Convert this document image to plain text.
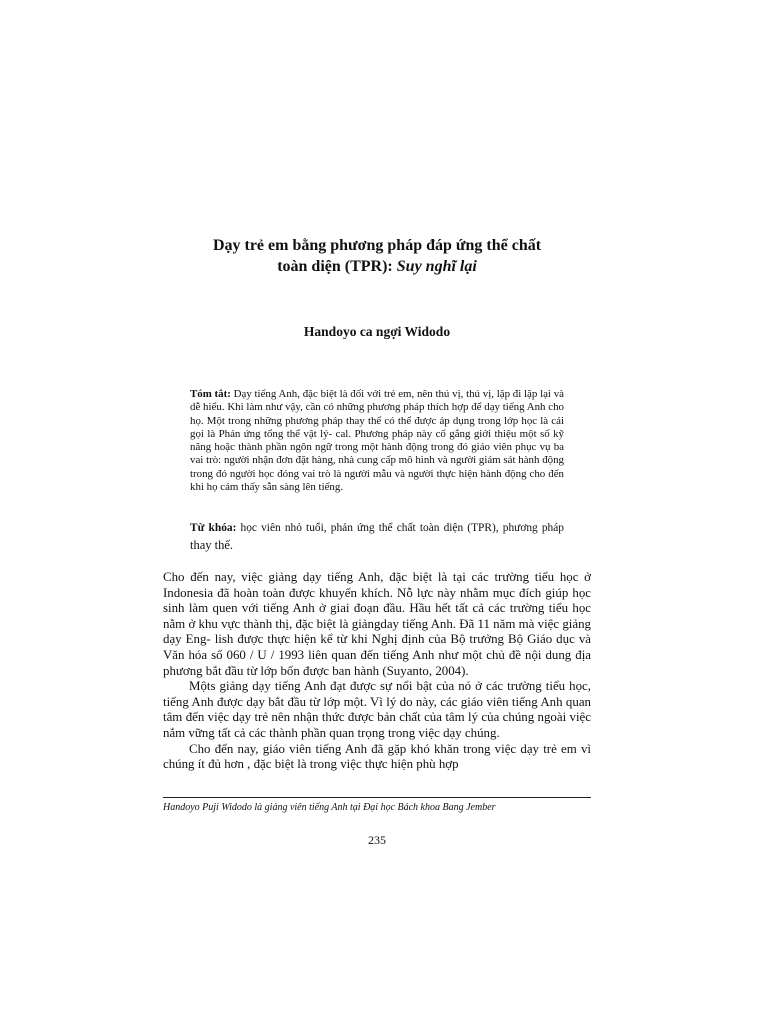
Dạy trẻ em bằng phương pháp đáp ứng thể chất
toàn diện (TPR): Suy nghĩ lại
Handoyo ca ngợi Widodo
Tóm tắt: Dạy tiếng Anh, đặc biệt là đối với trẻ em, nên thú vị, thú vị, lặp đi lặp lại và dễ hiểu. Khi làm như vậy, cần có những phương pháp thích hợp để dạy tiếng Anh cho họ. Một trong những phương pháp thay thế có thể được áp dụng trong lớp học là cái gọi là Phản ứng tổng thể vật lý- cal. Phương pháp này cố gắng giới thiệu một số kỹ năng hoặc thành phần ngôn ngữ trong một hành động trong đó giáo viên phục vụ ba vai trò: người nhận đơn đặt hàng, nhà cung cấp mô hình và người giám sát hành động trong đó người học đóng vai trò là người mẫu và người thực hiện hành động cho đến khi họ cảm thấy sẵn sàng lên tiếng.
Từ khóa: học viên nhỏ tuổi, phản ứng thể chất toàn diện (TPR), phương pháp thay thế.

Cho đến nay, việc giảng dạy tiếng Anh, đặc biệt là tại các trường tiểu học ở Indonesia đã hoàn toàn được khuyến khích. Nỗ lực này nhằm mục đích giúp học sinh làm quen với tiếng Anh ở giai đoạn đầu. Hầu hết tất cả các trường tiểu học nằm ở khu vực thành thị, đặc biệt là giảngday tiếng Anh. Đã 11 năm mà việc giảng dạy Eng- lish được thực hiện kể từ khi Nghị định của Bộ trưởng Bộ Giáo dục và Văn hóa số 060 / U / 1993 liên quan đến tiếng Anh như một chủ đề nội dung địa phương bắt đầu từ lớp bốn được ban hành (Suyanto, 2004).

Mộts giảng dạy tiếng Anh đạt được sự nổi bật của nó ở các trường tiểu học, tiếng Anh được dạy bắt đầu từ lớp một. Vì lý do này, các giáo viên tiếng Anh quan tâm đến việc dạy trẻ nên nhận thức được bản chất của tâm lý của chúng ngoài việc nắm vững tất cả các thành phần quan trọng trong việc dạy chúng.

Cho đến nay, giáo viên tiếng Anh đã gặp khó khăn trong việc dạy trẻ em vì chúng ít đủ hơn , đặc biệt là trong việc thực hiện phù hợp

Handoyo Puji Widodo là giảng viên tiếng Anh tại Đại học Bách khoa Bang Jember
235
